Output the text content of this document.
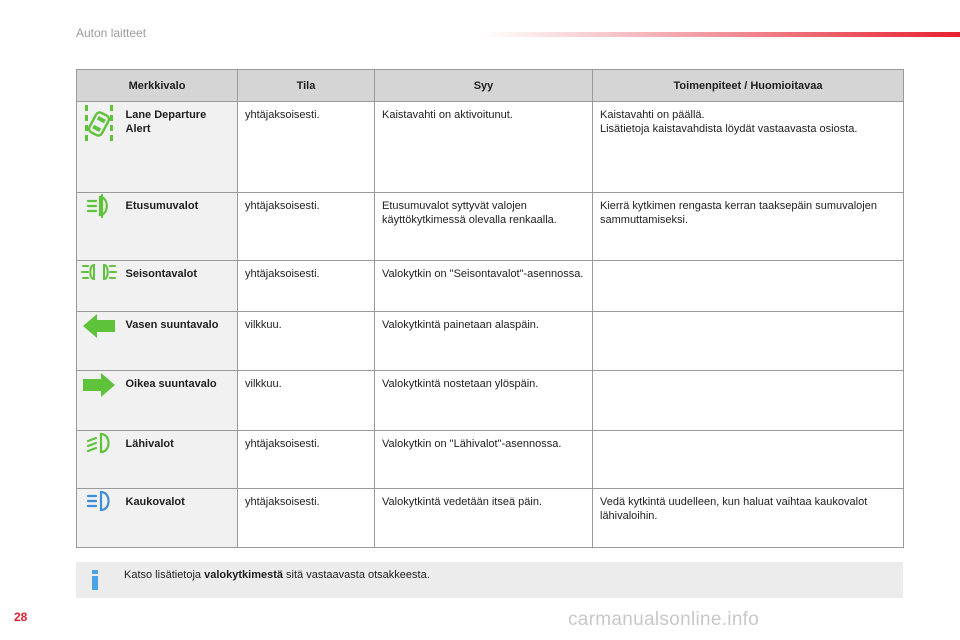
Auton laitteet
Merkkivalo		Tila	Syy	Toimenpiteet / Huomioitavaa

	Lane Departure Alert	yhtäjaksoisesti.	Kaistavahti on aktivoitunut.	Kaistavahti on päällä.
Lisätietoja kaistavahdista löydät vastaavasta osiosta.

	Etusumuvalot	yhtäjaksoisesti.	Etusumuvalot syttyvät valojen käyttökytkimessä olevalla renkaalla.	Kierrä kytkimen rengasta kerran taaksepäin sumuvalojen sammuttamiseksi.

	Seisontavalot	yhtäjaksoisesti.	Valokytkin on "Seisontavalot"-asennossa.	

	Vasen suuntavalo	vilkkuu.	Valokytkintä painetaan alaspäin.	

	Oikea suuntavalo	vilkkuu.	Valokytkintä nostetaan ylöspäin.	

	Lähivalot	yhtäjaksoisesti.	Valokytkin on "Lähivalot"-asennossa.	

	Kaukovalot	yhtäjaksoisesti.	Valokytkintä vedetään itseä päin.	Vedä kytkintä uudelleen, kun haluat vaihtaa kaukovalot lähivaloihin.
Katso lisätietoja valokytkimestä sitä vastaavasta otsakkeesta.
28	carmanualsonline.info
